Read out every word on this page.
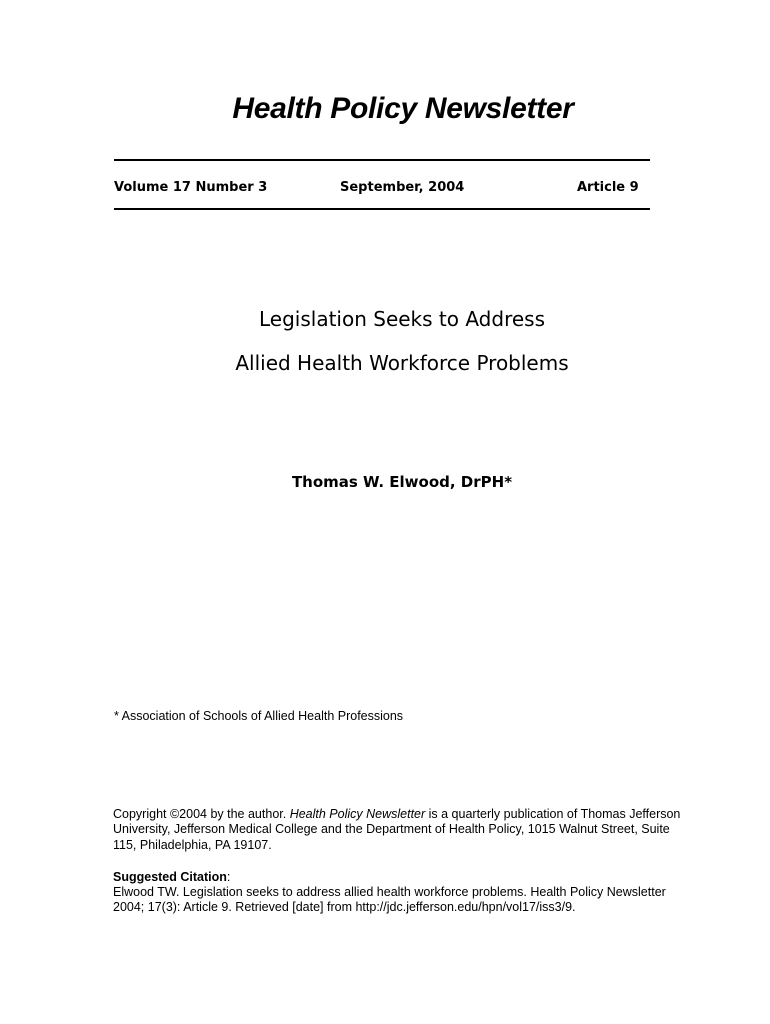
Health Policy Newsletter
Volume 17 Number 3	September, 2004	Article 9
Legislation Seeks to Address
Allied Health Workforce Problems
Thomas W. Elwood, DrPH*
* Association of Schools of Allied Health Professions
Copyright ©2004 by the author. Health Policy Newsletter is a quarterly publication of Thomas Jefferson
University, Jefferson Medical College and the Department of Health Policy, 1015 Walnut Street, Suite
115, Philadelphia, PA 19107.
Suggested Citation:
Elwood TW. Legislation seeks to address allied health workforce problems. Health Policy Newsletter
2004; 17(3): Article 9. Retrieved [date] from http://jdc.jefferson.edu/hpn/vol17/iss3/9.
